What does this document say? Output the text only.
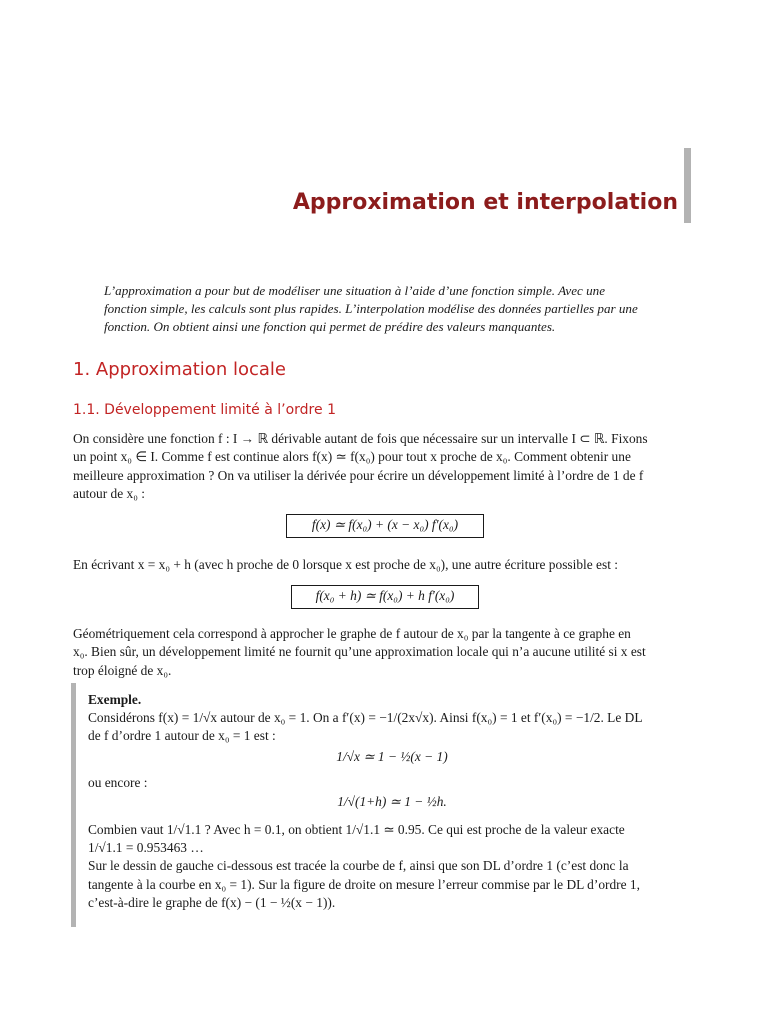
Approximation et interpolation
L’approximation a pour but de modéliser une situation à l’aide d’une fonction simple. Avec une
fonction simple, les calculs sont plus rapides. L’interpolation modélise des données partielles par une
fonction. On obtient ainsi une fonction qui permet de prédire des valeurs manquantes.
1. Approximation locale
1.1. Développement limité à l’ordre 1
On considère une fonction f : I → ℝ dérivable autant de fois que nécessaire sur un intervalle I ⊂ ℝ. Fixons
un point x₀ ∈ I. Comme f est continue alors f(x) ≃ f(x₀) pour tout x proche de x₀. Comment obtenir une
meilleure approximation ? On va utiliser la dérivée pour écrire un développement limité à l’ordre de 1 de f
autour de x₀ :
f(x) ≃ f(x₀) + (x − x₀) f′(x₀)
En écrivant x = x₀ + h (avec h proche de 0 lorsque x est proche de x₀), une autre écriture possible est :
f(x₀ + h) ≃ f(x₀) + h f′(x₀)
Géométriquement cela correspond à approcher le graphe de f autour de x₀ par la tangente à ce graphe en
x₀. Bien sûr, un développement limité ne fournit qu’une approximation locale qui n’a aucune utilité si x est
trop éloigné de x₀.
Exemple.
Considérons f(x) = 1/√x autour de x₀ = 1. On a f′(x) = −1/(2x√x). Ainsi f(x₀) = 1 et f′(x₀) = −1/2. Le DL
de f d’ordre 1 autour de x₀ = 1 est :
1/√x ≃ 1 − ½(x − 1)
ou encore :
1/√(1+h) ≃ 1 − ½h.
Combien vaut 1/√1.1 ? Avec h = 0.1, on obtient 1/√1.1 ≃ 0.95. Ce qui est proche de la valeur exacte
1/√1.1 = 0.953463 …
Sur le dessin de gauche ci-dessous est tracée la courbe de f, ainsi que son DL d’ordre 1 (c’est donc la
tangente à la courbe en x₀ = 1). Sur la figure de droite on mesure l’erreur commise par le DL d’ordre 1,
c’est-à-dire le graphe de f(x) − (1 − ½(x − 1)).
